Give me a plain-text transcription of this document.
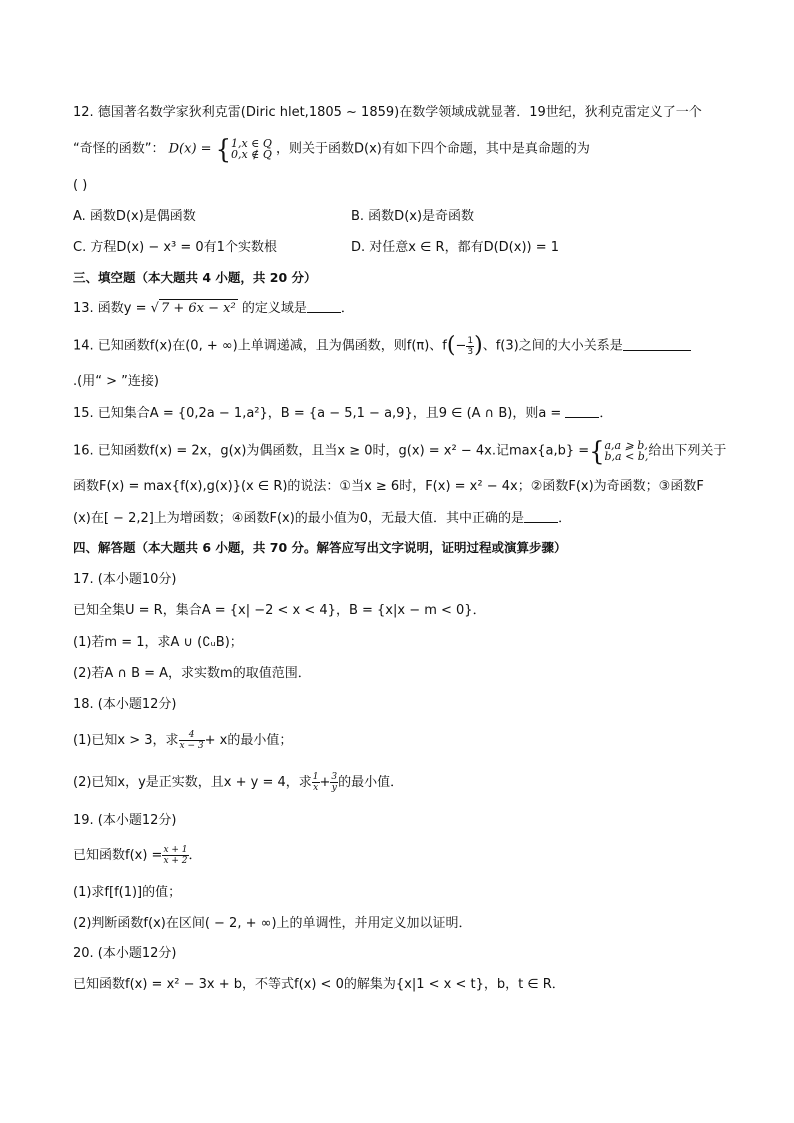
12. 德国著名数学家狄利克雷(Diric hlet,1805 ~ 1859)在数学领域成就显著．19世纪，狄利克雷定义了一个
“奇怪的函数”： D(x) = { 1,x ∈ Q
0,x ∉ Q ，则关于函数D(x)有如下四个命题，其中是真命题的为
( )
A. 函数D(x)是偶函数	B. 函数D(x)是奇函数
C. 方程D(x) − x³ = 0有1个实数根	D. 对任意x ∈ R，都有D(D(x)) = 1
三、填空题（本大题共 4 小题，共 20 分）
13. 函数y = √ 7 + 6x − x² 的定义域是	．
14. 已知函数f(x)在(0, + ∞)上单调递减，且为偶函数，则f(π)、$f(- \frac{1}{3}$ )、f(3)之间的大小关系是
.(用“ > ”连接)
15. 已知集合A = {0,2a − 1,a²}，B = {a − 5,1 − a,9}，且9 ∈ (A ∩ B)，则a =	．
16. 已知函数f(x) = 2x，g(x)为偶函数，且当x ≥ 0时，g(x) = x² − 4x.记max{a,b} ={ a,a ⩾ b,
b,a < b, 给出下列关于
函数F(x) = max{f(x),g(x)}(x ∈ R)的说法：①当x ≥ 6时，F(x) = x² − 4x；②函数F(x)为奇函数；③函数F
(x)在[ − 2,2]上为增函数；④函数F(x)的最小值为0，无最大值．其中正确的是	．
四、解答题（本大题共 6 小题，共 70 分。解答应写出文字说明，证明过程或演算步骤）
17. (本小题10分)
已知全集U = R，集合A = {x| −2 < x < 4}，B = {x|x − m < 0}．
(1)若m = 1，求A ∪ (∁ᵤB)；
(2)若A ∩ B = A，求实数m的取值范围．
18. (本小题12分)
(1)已知x > 3，求 $\frac{4}{x - 3} + x$的最小值；
(2)已知x，y是正实数，且x + y = 4，求 $\frac{1}{x} + \frac{3}{y}$ 的最小值．
19. (本小题12分)
已知函数$f(x) = \frac{x + 1}{x + 2}$ ．
(1)求f[f(1)]的值；
(2)判断函数f(x)在区间( − 2, + ∞)上的单调性，并用定义加以证明．
20. (本小题12分)
已知函数f(x) = x² − 3x + b，不等式f(x) < 0的解集为{x|1 < x < t}，b，t ∈ R．
